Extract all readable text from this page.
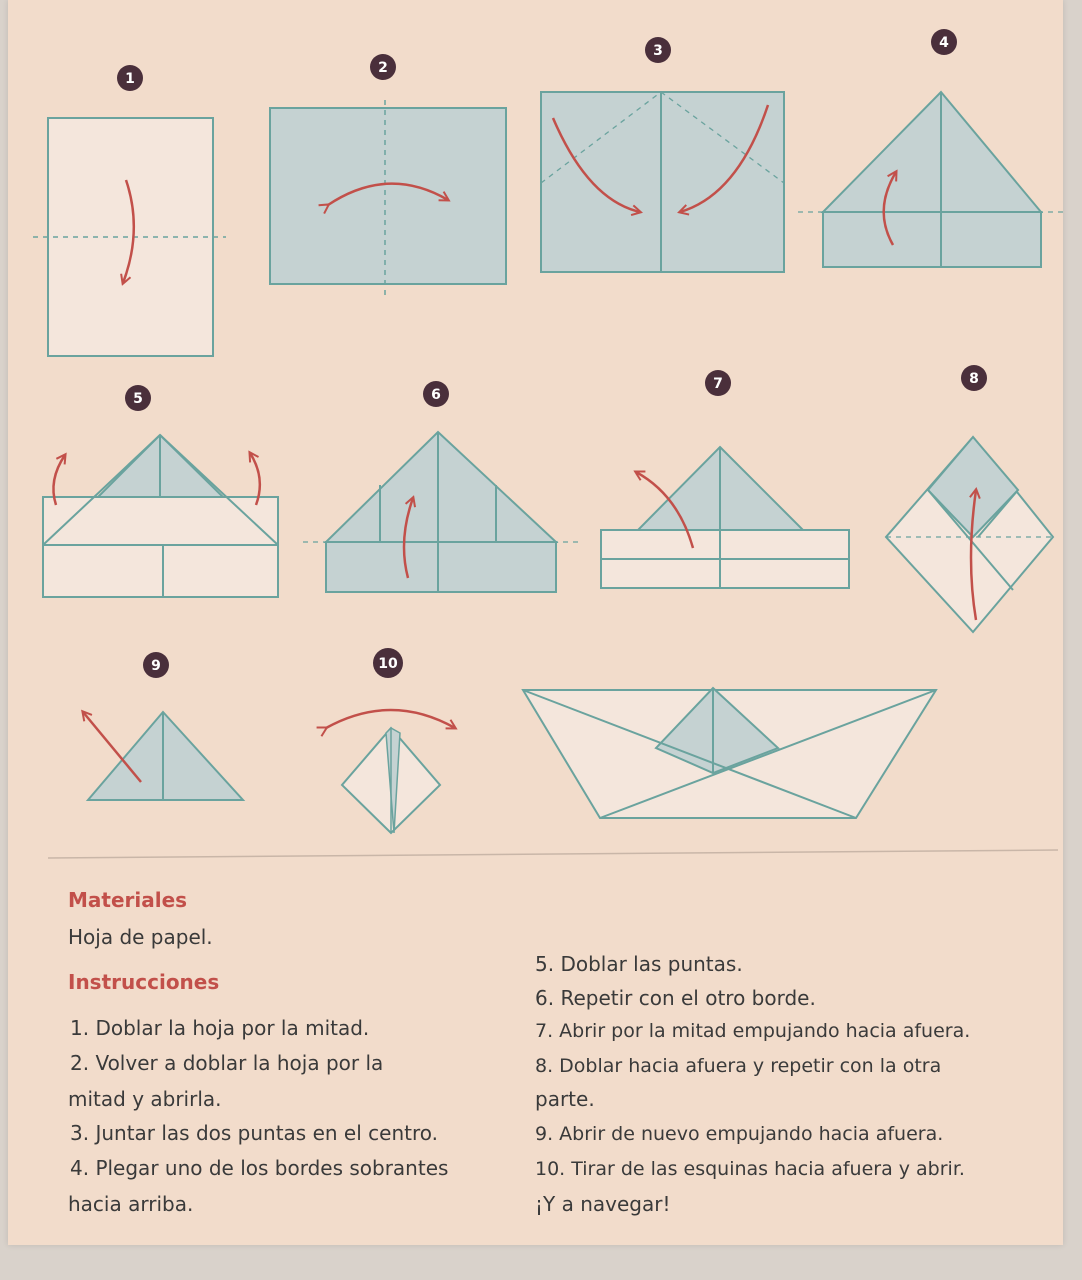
1
2
3	4
5	6
7	8
9	10
Materiales
Hoja de papel.
Instrucciones
1. Doblar la hoja por la mitad.
2. Volver a doblar la hoja por la
mitad y abrirla.
3. Juntar las dos puntas en el centro.
4. Plegar uno de los bordes sobrantes
hacia arriba.
5. Doblar las puntas.
6. Repetir con el otro borde.
7. Abrir por la mitad empujando hacia afuera.
8. Doblar hacia afuera y repetir con la otra
parte.
9. Abrir de nuevo empujando hacia afuera.
10. Tirar de las esquinas hacia afuera y abrir.
¡Y a navegar!
